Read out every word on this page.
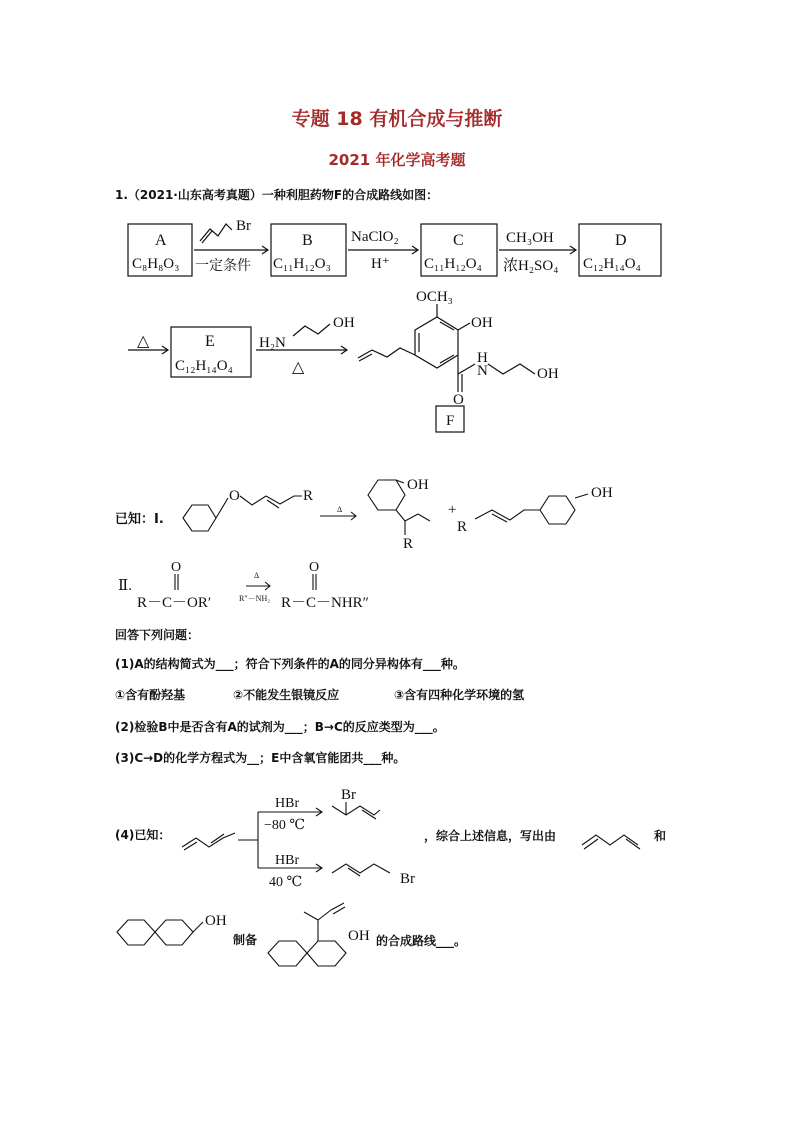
专题 18 有机合成与推断
2021 年化学高考题
1.（2021·山东高考真题）一种利胆药物F的合成路线如图：
A
C₈H₈O₃
B
C₁₁H₁₂O₃
C
C₁₁H₁₂O₄
D
C₁₂H₁₄O₄
E
C₁₂H₁₄O₄
F
Br
一定条件
NaClO₂
H⁺
CH₃OH
浓H₂SO₄
△	H₂N
OH
△
OCH₃
OH
H
N
O
OH
O	R
Δ
OH
R
+
R
OH
Ⅱ.
O
R－C－OR′
Δ
R″－NH₂
O
R－C－NHR″
HBr
−80 ℃
HBr
40 ℃
Br
Br
OH
OH
已知：Ⅰ.
回答下列问题：
(1)A的结构简式为___；符合下列条件的A的同分异构体有___种。
①含有酚羟基	②不能发生银镜反应	③含有四种化学环境的氢
(2)检验B中是否含有A的试剂为___；B→C的反应类型为___。
(3)C→D的化学方程式为__；E中含氧官能团共___种。
(4)已知：	，综合上述信息，写出由	和
制备	的合成路线___。
